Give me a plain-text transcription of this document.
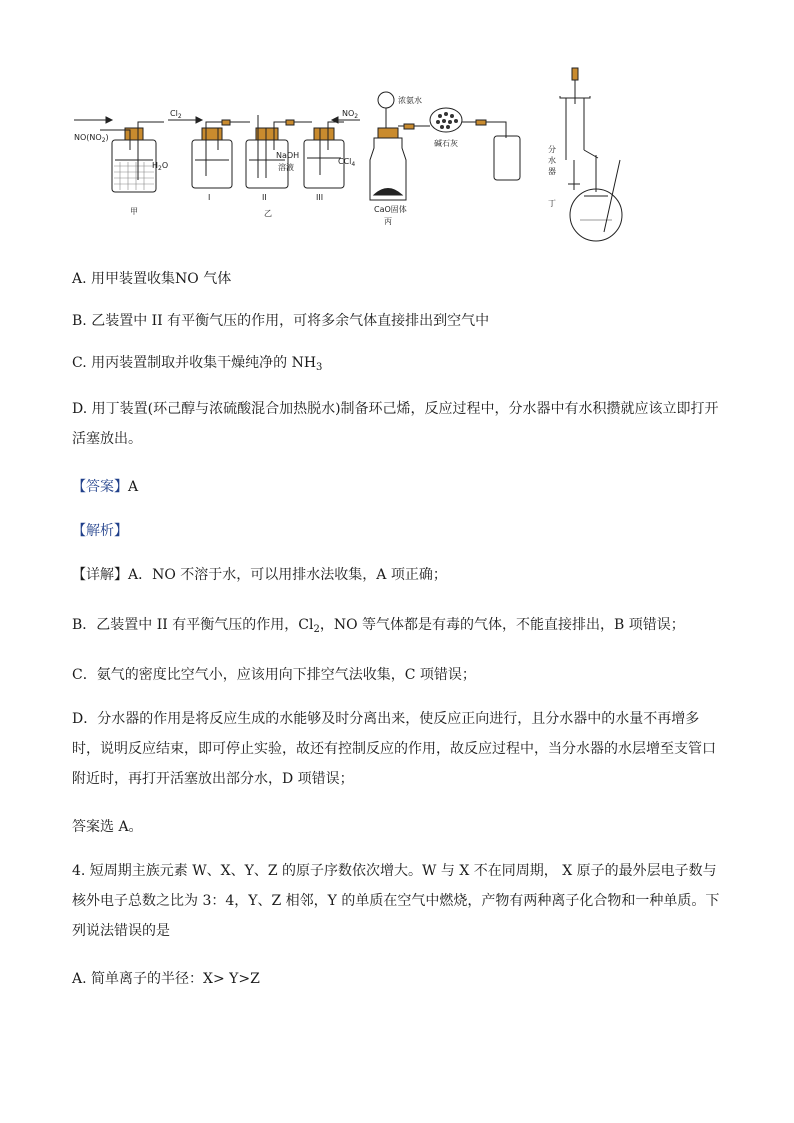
$NO(NO_2)$
$H_2O$
甲
$Cl_2$	$NO_2$
NaOH
溶液
CCl$_4$
I	II	III
乙
浓氨水
碱石灰
CaO固体
丙
分
水
器
丁
A. 用甲装置收集NO 气体
B. 乙装置中 II 有平衡气压的作用，可将多余气体直接排出到空气中
C. 用丙装置制取并收集干燥纯净的 $NH_3$
D. 用丁装置(环己醇与浓硫酸混合加热脱水)制备环己烯，反应过程中，分水器中有水积攒就应该立即打开活塞放出。
【答案】A
【解析】
【详解】A．NO 不溶于水，可以用排水法收集，A 项正确；
B．乙装置中 II 有平衡气压的作用，$Cl_2$，NO 等气体都是有毒的气体，不能直接排出，B 项错误；
C．氨气的密度比空气小，应该用向下排空气法收集，C 项错误；
D．分水器的作用是将反应生成的水能够及时分离出来，使反应正向进行，且分水器中的水量不再增多时，说明反应结束，即可停止实验，故还有控制反应的作用，故反应过程中，当分水器的水层增至支管口附近时，再打开活塞放出部分水，D 项错误；
答案选 A。
4. 短周期主族元素 W、X、Y、Z 的原子序数依次增大。W 与 X 不在同周期， X 原子的最外层电子数与核外电子总数之比为 3：4，Y、Z 相邻，Y 的单质在空气中燃烧，产物有两种离子化合物和一种单质。下列说法错误的是
A. 简单离子的半径：X> Y>Z
